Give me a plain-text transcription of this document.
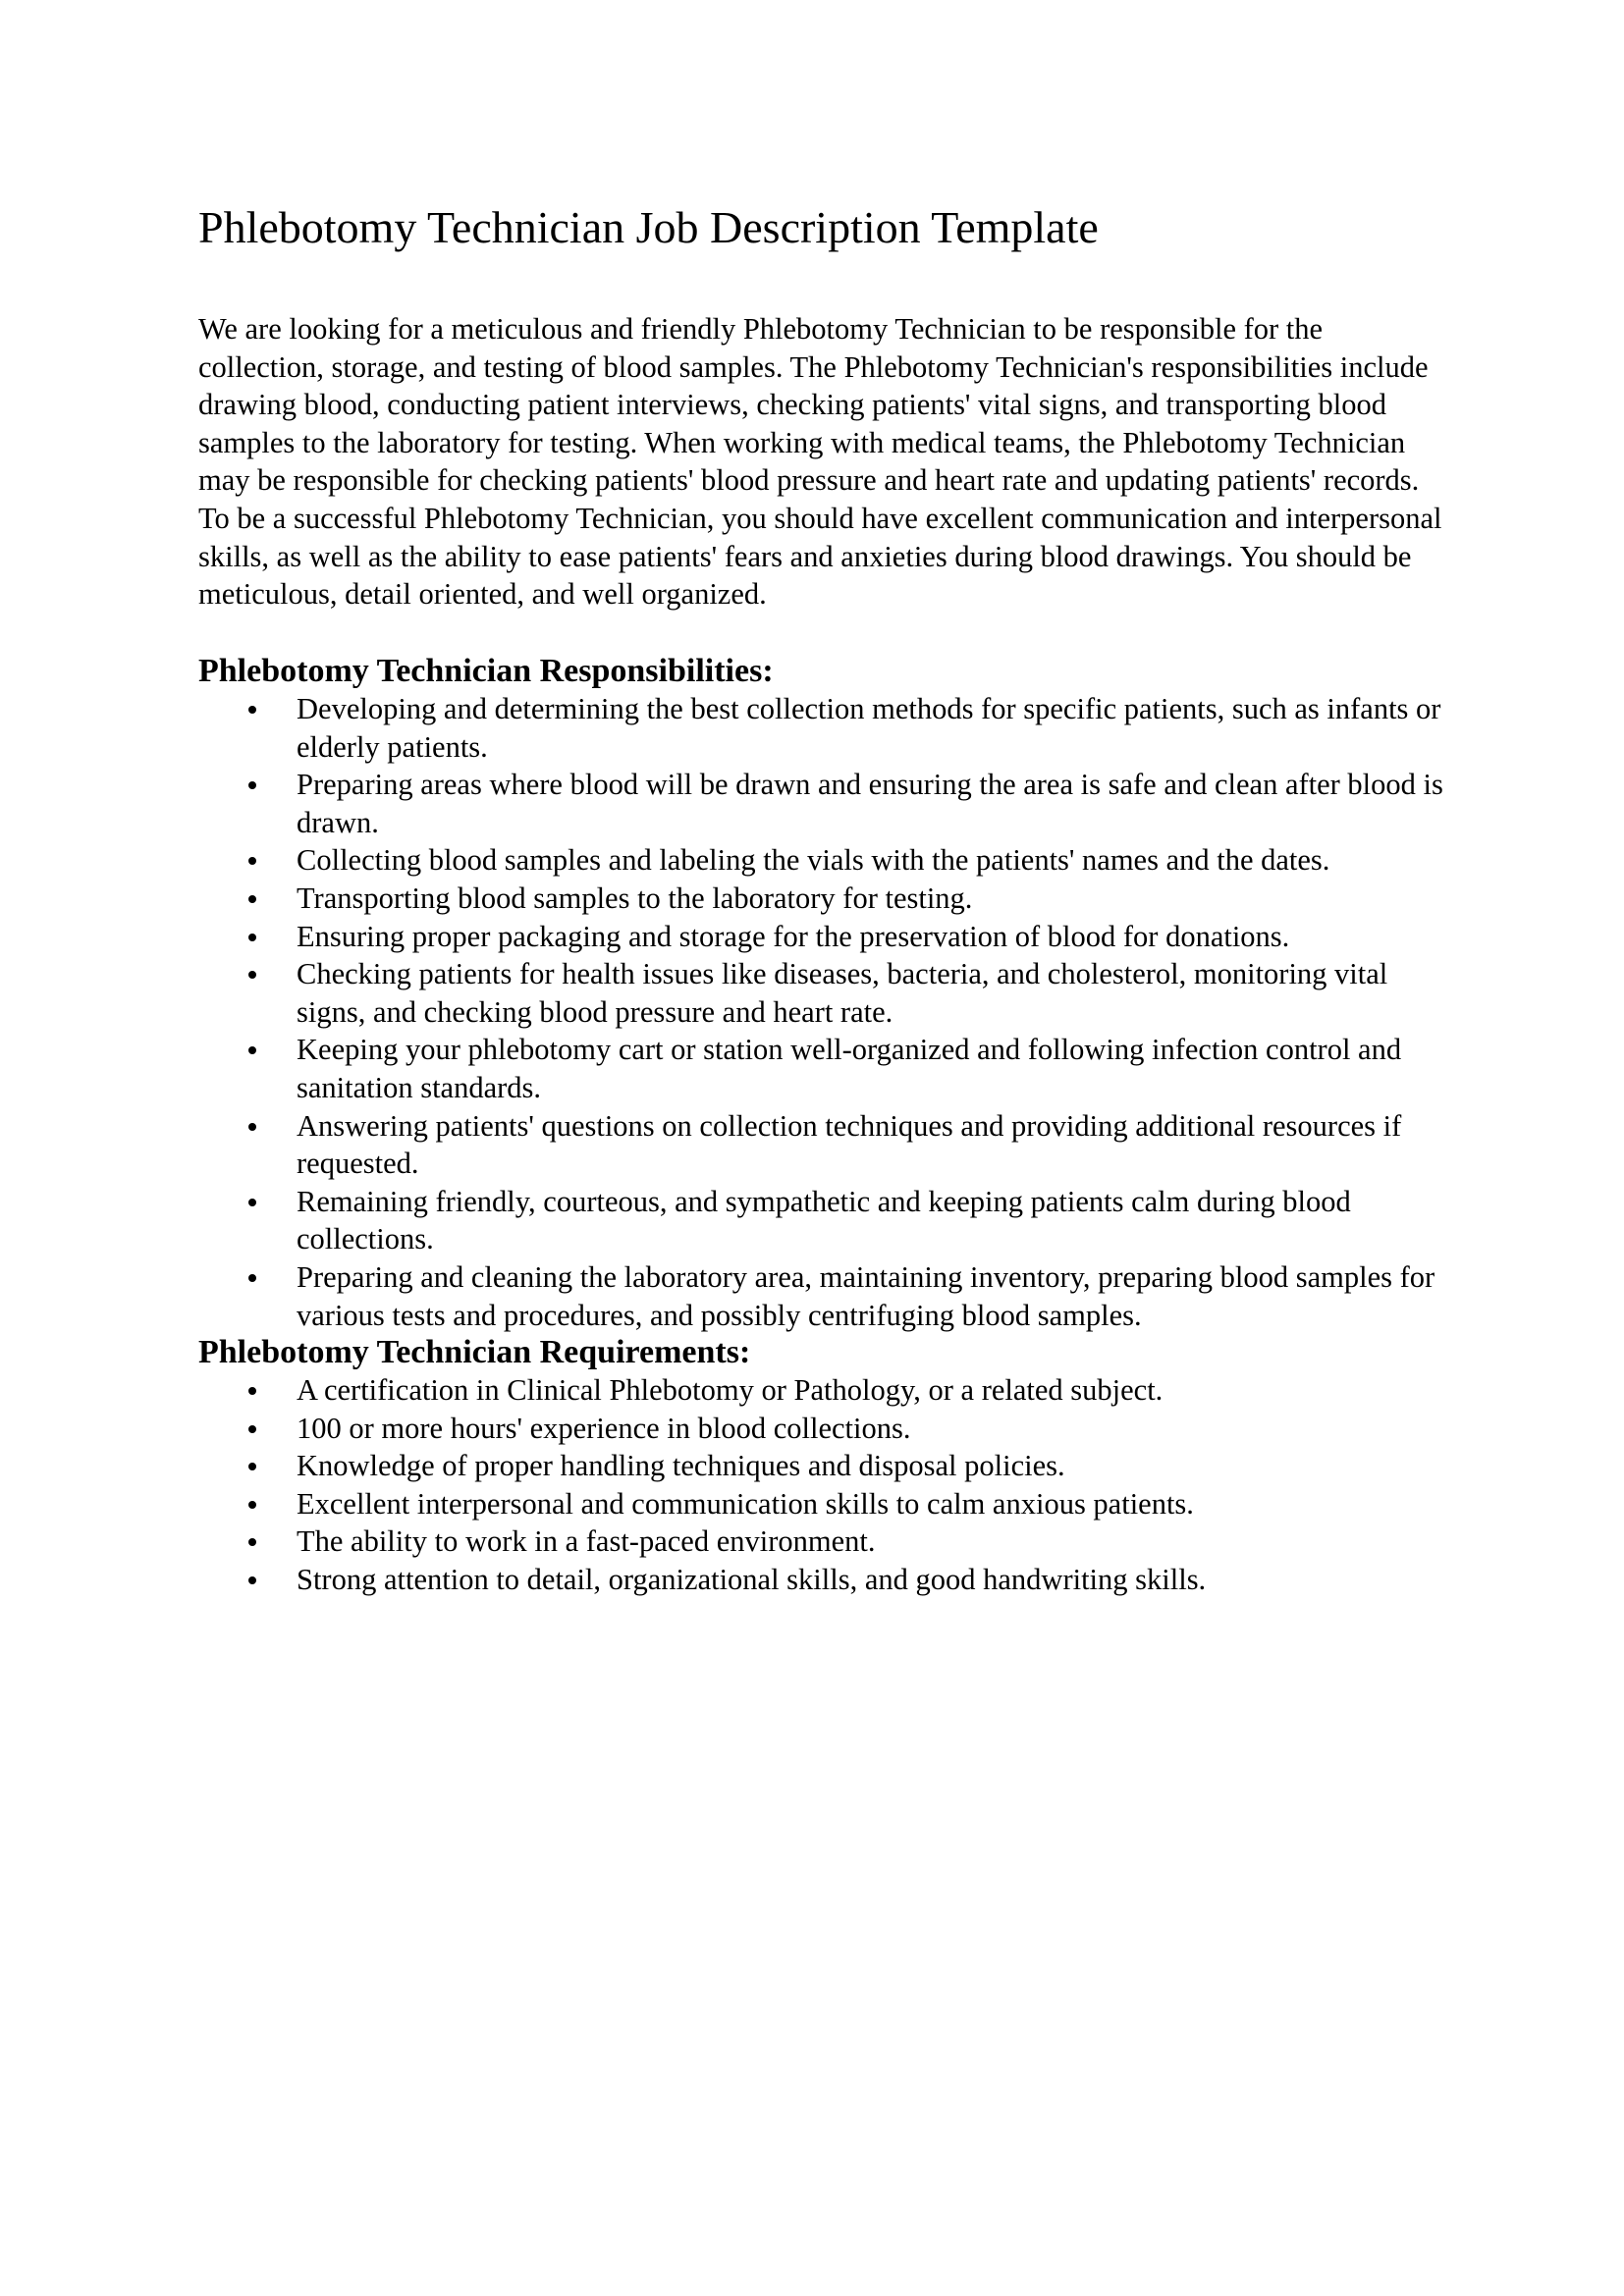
Phlebotomy Technician Job Description Template

We are looking for a meticulous and friendly Phlebotomy Technician to be responsible for the collection, storage, and testing of blood samples. The Phlebotomy Technician's responsibilities include drawing blood, conducting patient interviews, checking patients' vital signs, and transporting blood samples to the laboratory for testing. When working with medical teams, the Phlebotomy Technician may be responsible for checking patients' blood pressure and heart rate and updating patients' records.

To be a successful Phlebotomy Technician, you should have excellent communication and interpersonal skills, as well as the ability to ease patients' fears and anxieties during blood drawings. You should be meticulous, detail oriented, and well organized.

Phlebotomy Technician Responsibilities:
Developing and determining the best collection methods for specific patients, such as infants or elderly patients.
Preparing areas where blood will be drawn and ensuring the area is safe and clean after blood is drawn.
Collecting blood samples and labeling the vials with the patients' names and the dates.
Transporting blood samples to the laboratory for testing.
Ensuring proper packaging and storage for the preservation of blood for donations.
Checking patients for health issues like diseases, bacteria, and cholesterol, monitoring vital signs, and checking blood pressure and heart rate.
Keeping your phlebotomy cart or station well-organized and following infection control and sanitation standards.
Answering patients' questions on collection techniques and providing additional resources if requested.
Remaining friendly, courteous, and sympathetic and keeping patients calm during blood collections.
Preparing and cleaning the laboratory area, maintaining inventory, preparing blood samples for various tests and procedures, and possibly centrifuging blood samples.
Phlebotomy Technician Requirements:
A certification in Clinical Phlebotomy or Pathology, or a related subject.
100 or more hours' experience in blood collections.
Knowledge of proper handling techniques and disposal policies.
Excellent interpersonal and communication skills to calm anxious patients.
The ability to work in a fast-paced environment.
Strong attention to detail, organizational skills, and good handwriting skills.
